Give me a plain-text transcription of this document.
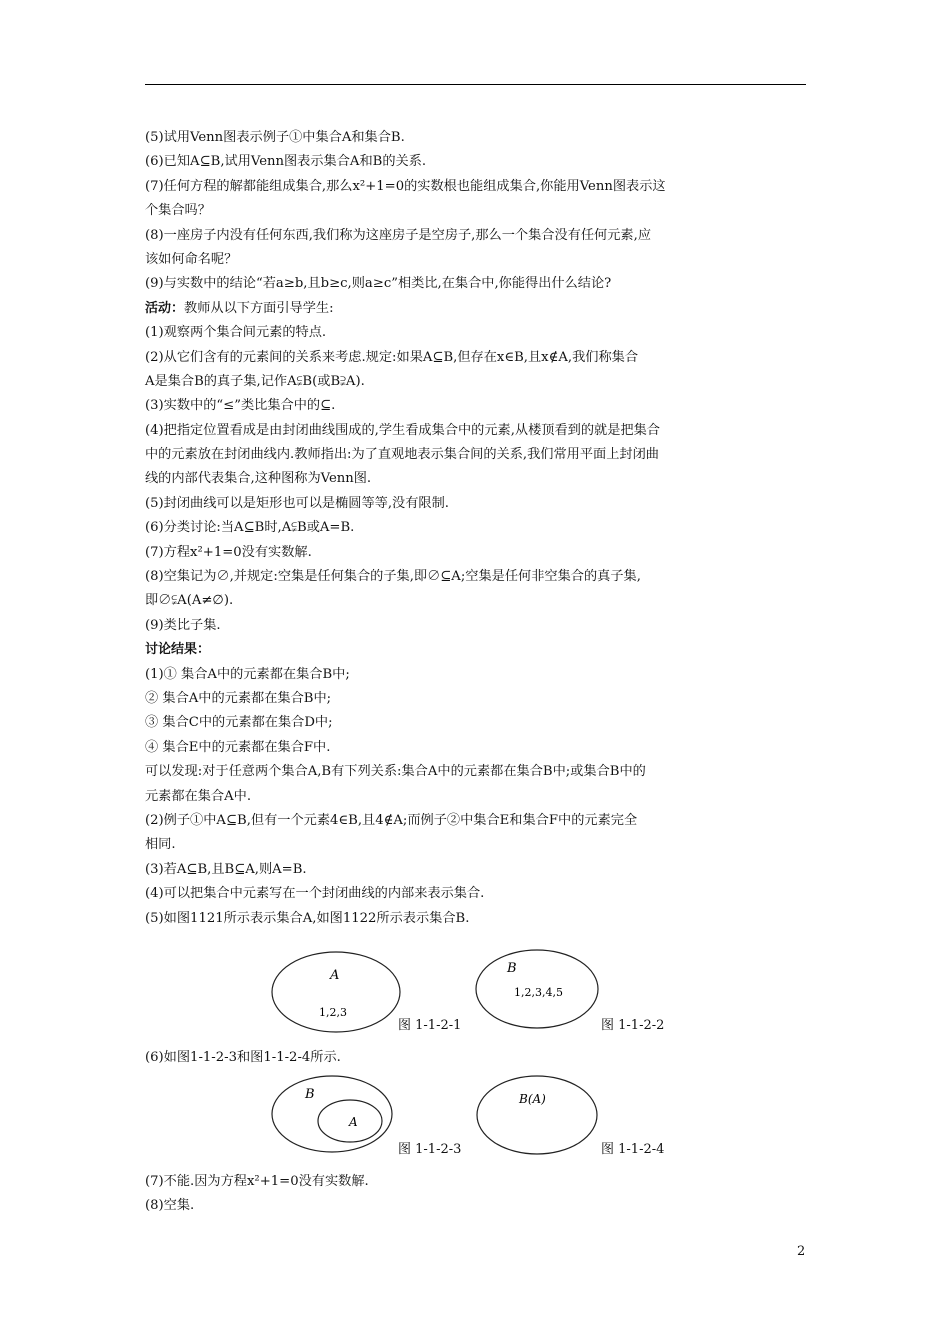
(5)试用Venn图表示例子①中集合A和集合B.
(6)已知A⊆B,试用Venn图表示集合A和B的关系.
(7)任何方程的解都能组成集合,那么x²+1=0的实数根也能组成集合,你能用Venn图表示这
个集合吗？
(8)一座房子内没有任何东西,我们称为这座房子是空房子,那么一个集合没有任何元素,应
该如何命名呢？
(9)与实数中的结论“若a≥b,且b≥c,则a≥c”相类比,在集合中,你能得出什么结论?
活动：教师从以下方面引导学生:
(1)观察两个集合间元素的特点.
(2)从它们含有的元素间的关系来考虑.规定:如果A⊆B,但存在x∈B,且x∉A,我们称集合
A是集合B的真子集,记作A⫋B(或B⫌A).
(3)实数中的“≤”类比集合中的⊆.
(4)把指定位置看成是由封闭曲线围成的,学生看成集合中的元素,从楼顶看到的就是把集合
中的元素放在封闭曲线内.教师指出:为了直观地表示集合间的关系,我们常用平面上封闭曲
线的内部代表集合,这种图称为Venn图.
(5)封闭曲线可以是矩形也可以是椭圆等等,没有限制.
(6)分类讨论:当A⊆B时,A⫋B或A=B.
(7)方程x²+1=0没有实数解.
(8)空集记为∅,并规定:空集是任何集合的子集,即∅⊆A;空集是任何非空集合的真子集,
即∅⫋A(A≠∅).
(9)类比子集.
讨论结果：
(1)① 集合A中的元素都在集合B中;
② 集合A中的元素都在集合B中;
③ 集合C中的元素都在集合D中;
④ 集合E中的元素都在集合F中.
可以发现:对于任意两个集合A,B有下列关系:集合A中的元素都在集合B中;或集合B中的
元素都在集合A中.
(2)例子①中A⊆B,但有一个元素4∈B,且4∉A;而例子②中集合E和集合F中的元素完全
相同.
(3)若A⊆B,且B⊆A,则A=B.
(4)可以把集合中元素写在一个封闭曲线的内部来表示集合.
(5)如图1121所示表示集合A,如图1122所示表示集合B.
A
1,2,3
图 1-1-2-1
B
1,2,3,4,5
图 1-1-2-2
(6)如图1-1-2-3和图1-1-2-4所示.
B
A
图 1-1-2-3
B(A)
图 1-1-2-4
(7)不能.因为方程x²+1=0没有实数解.
(8)空集.
2
